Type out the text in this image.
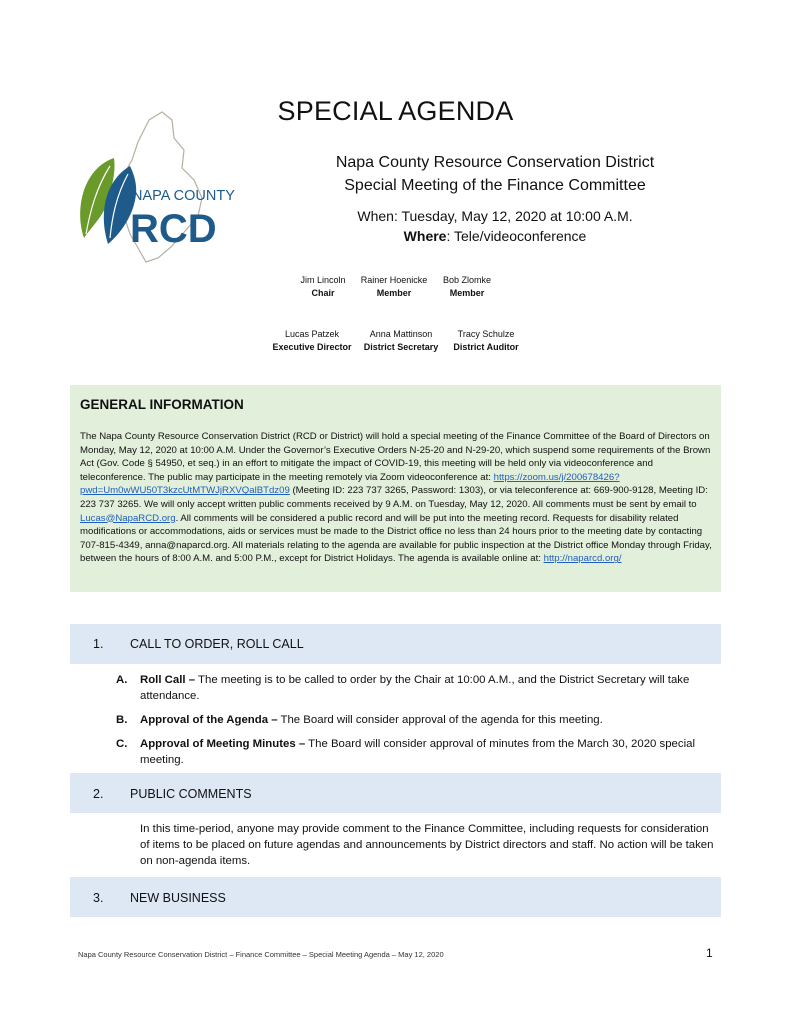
SPECIAL AGENDA
NAPA COUNTY
RCD
Napa County Resource Conservation District
Special Meeting of the Finance Committee
When: Tuesday, May 12, 2020 at 10:00 A.M.
Where: Tele/videoconference
Jim Lincoln
Chair
Rainer Hoenicke
Member
Bob Zlomke
Member
Lucas Patzek
Executive Director
Anna Mattinson
District Secretary
Tracy Schulze
District Auditor
GENERAL INFORMATION
The Napa County Resource Conservation District (RCD or District) will hold a special meeting of the Finance Committee of the Board of Directors on Monday, May 12, 2020 at 10:00 A.M. Under the Governor’s Executive Orders N-25-20 and N-29-20, which suspend some requirements of the Brown Act (Gov. Code § 54950, et seq.) in an effort to mitigate the impact of COVID-19, this meeting will be held only via videoconference and teleconference. The public may participate in the meeting remotely via Zoom videoconference at: https://zoom.us/j/200678426?pwd=Um0wWU50T3kzcUtMTWJjRXVQalBTdz09 (Meeting ID: 223 737 3265, Password: 1303), or via teleconference at: 669-900-9128, Meeting ID: 223 737 3265. We will only accept written public comments received by 9 A.M. on Tuesday, May 12, 2020. All comments must be sent by email to Lucas@NapaRCD.org. All comments will be considered a public record and will be put into the meeting record. Requests for disability related modifications or accommodations, aids or services must be made to the District office no less than 24 hours prior to the meeting date by contacting 707-815-4349, anna@naparcd.org. All materials relating to the agenda are available for public inspection at the District office Monday through Friday, between the hours of 8:00 A.M. and 5:00 P.M., except for District Holidays. The agenda is available online at: http://naparcd.org/
1. CALL TO ORDER, ROLL CALL
A. Roll Call – The meeting is to be called to order by the Chair at 10:00 A.M., and the District Secretary will take attendance.
B. Approval of the Agenda – The Board will consider approval of the agenda for this meeting.
C. Approval of Meeting Minutes – The Board will consider approval of minutes from the March 30, 2020 special meeting.
2. PUBLIC COMMENTS
In this time-period, anyone may provide comment to the Finance Committee, including requests for consideration of items to be placed on future agendas and announcements by District directors and staff. No action will be taken on non-agenda items.
3. NEW BUSINESS
Napa County Resource Conservation District – Finance Committee – Special Meeting Agenda – May 12, 2020	1
